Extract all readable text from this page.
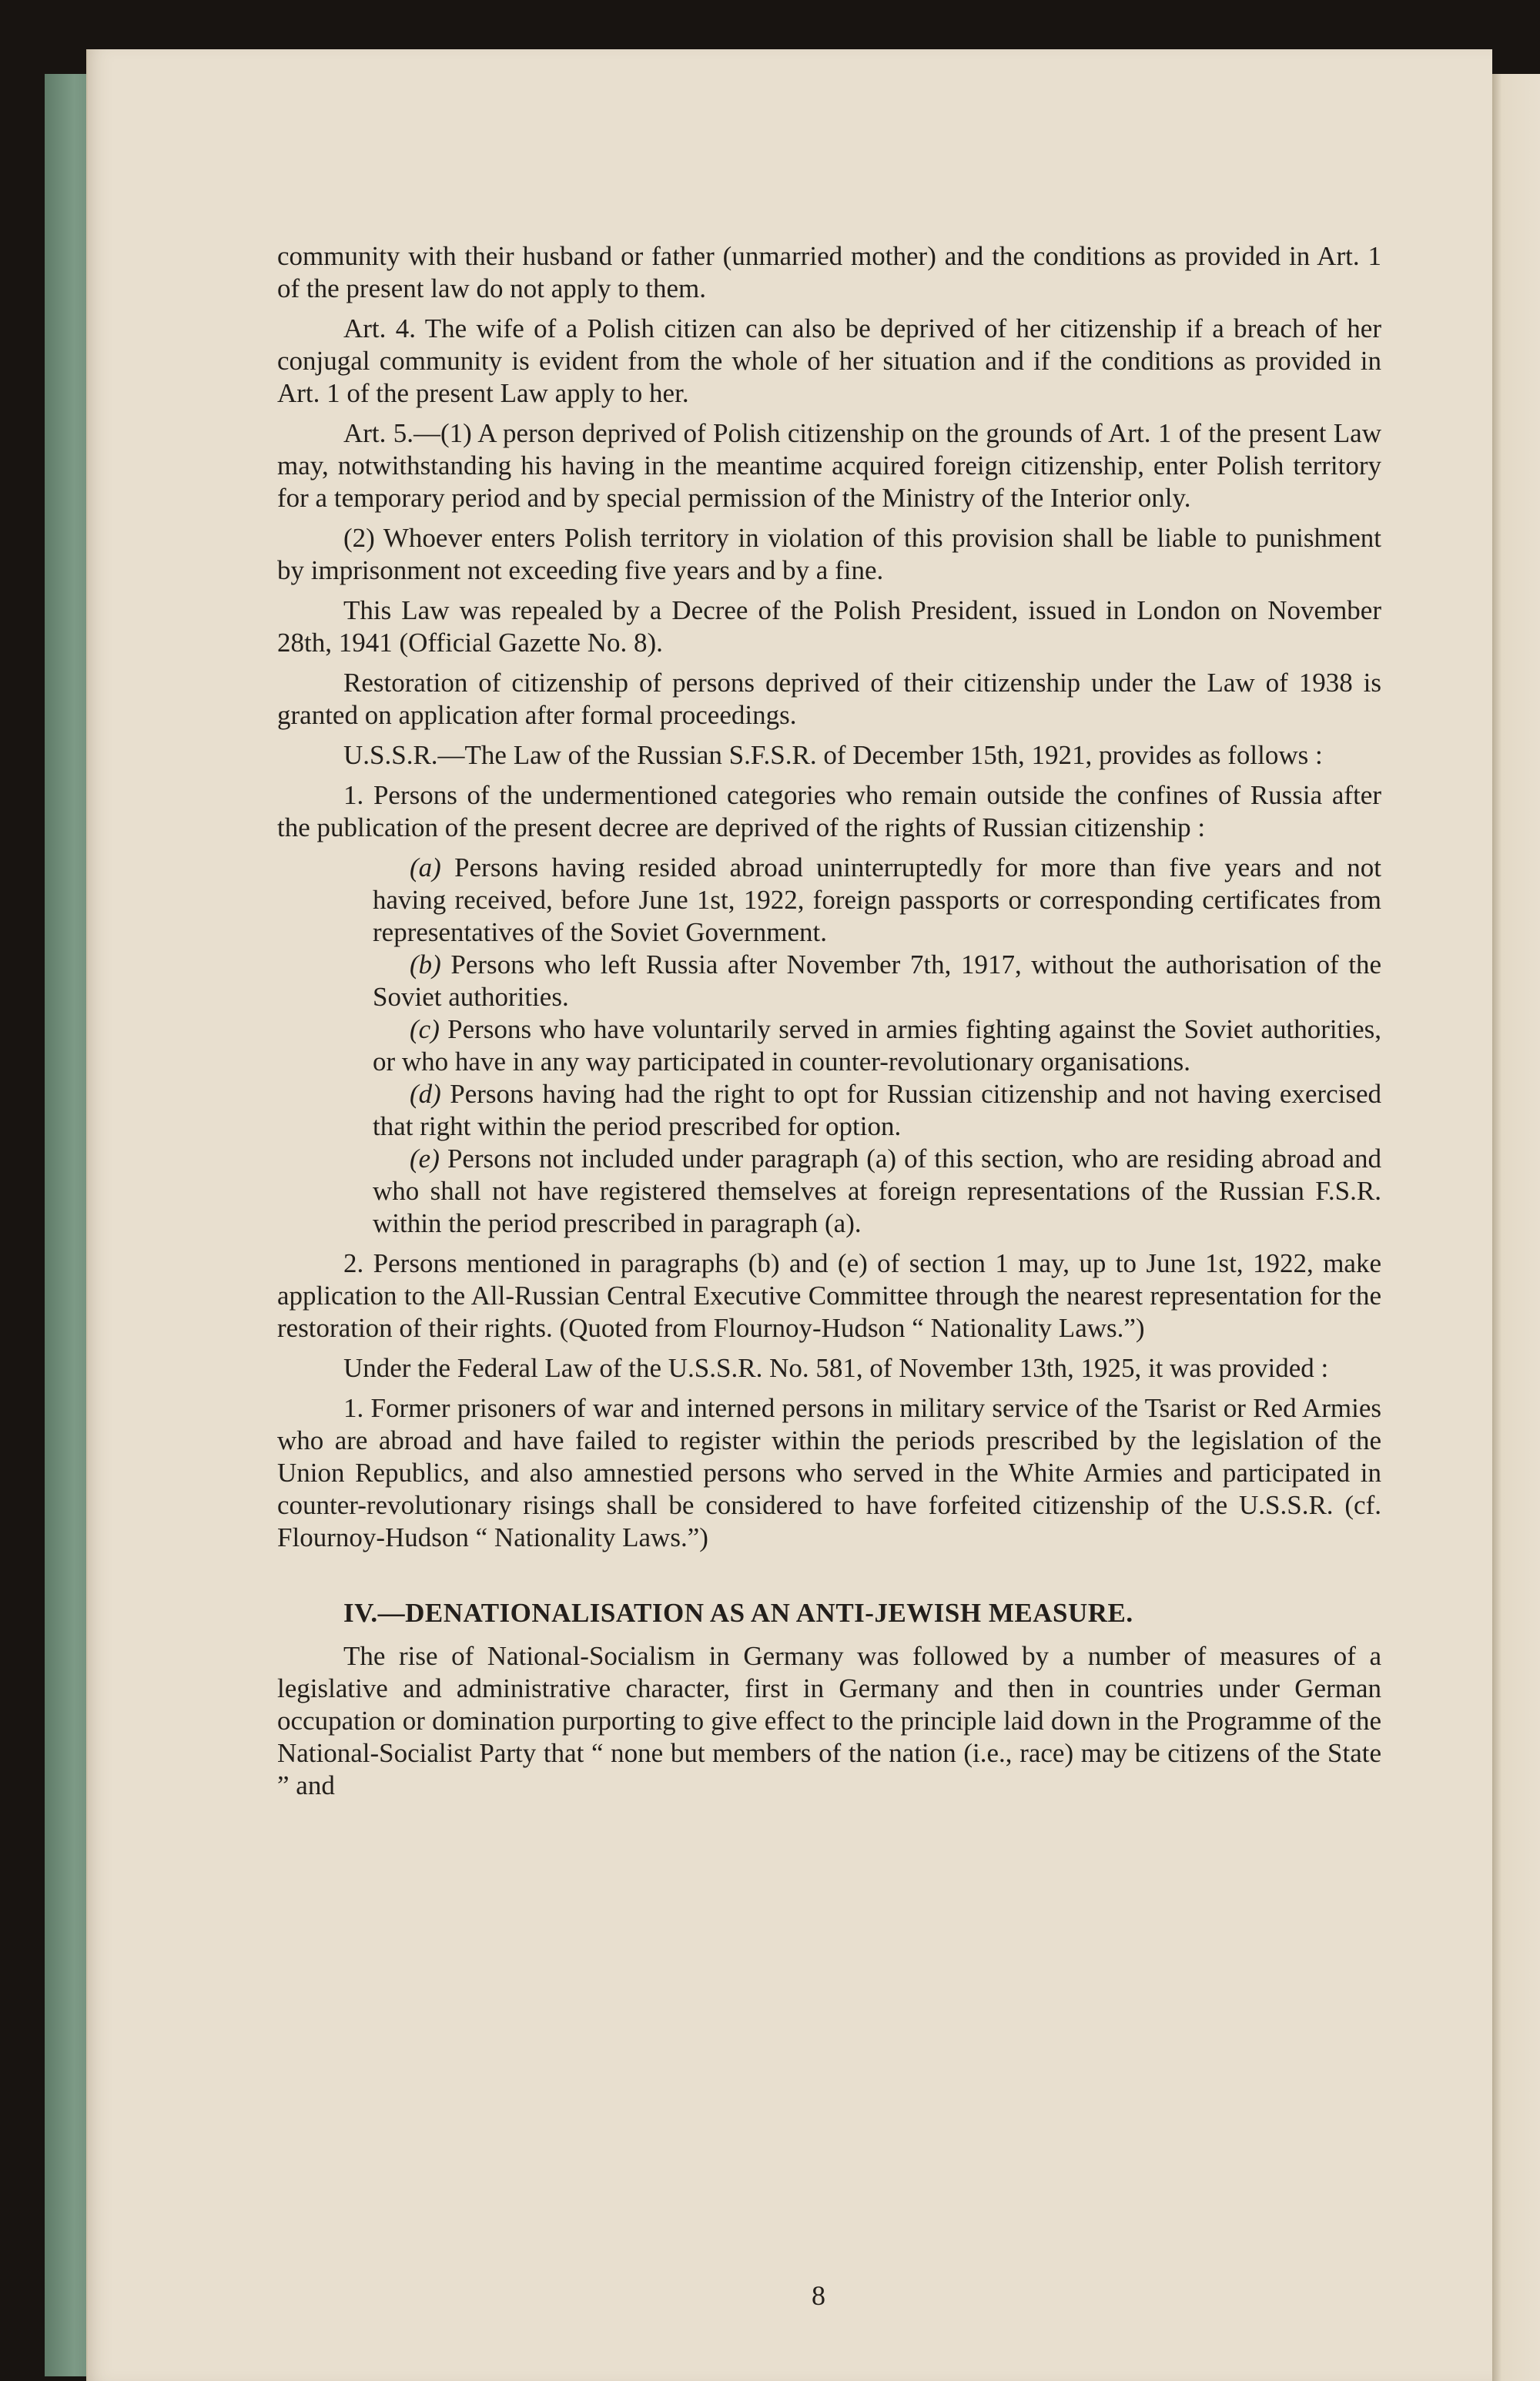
community with their husband or father (unmarried mother) and the conditions as provided in Art. 1 of the present law do not apply to them.

Art. 4. The wife of a Polish citizen can also be deprived of her citizenship if a breach of her conjugal community is evident from the whole of her situation and if the conditions as provided in Art. 1 of the present Law apply to her.

Art. 5.—(1) A person deprived of Polish citizenship on the grounds of Art. 1 of the present Law may, notwithstanding his having in the meantime acquired foreign citizenship, enter Polish territory for a temporary period and by special permission of the Ministry of the Interior only.

(2) Whoever enters Polish territory in violation of this provision shall be liable to punishment by imprisonment not exceeding five years and by a fine.

This Law was repealed by a Decree of the Polish President, issued in London on November 28th, 1941 (Official Gazette No. 8).

Restoration of citizenship of persons deprived of their citizenship under the Law of 1938 is granted on application after formal proceedings.

U.S.S.R.—The Law of the Russian S.F.S.R. of December 15th, 1921, provides as follows :

1. Persons of the undermentioned categories who remain outside the confines of Russia after the publication of the present decree are deprived of the rights of Russian citizenship :

(a) Persons having resided abroad uninterruptedly for more than five years and not having received, before June 1st, 1922, foreign passports or corresponding certificates from representatives of the Soviet Government.

(b) Persons who left Russia after November 7th, 1917, without the authorisation of the Soviet authorities.

(c) Persons who have voluntarily served in armies fighting against the Soviet authorities, or who have in any way participated in counter-revolutionary organisations.

(d) Persons having had the right to opt for Russian citizenship and not having exercised that right within the period prescribed for option.

(e) Persons not included under paragraph (a) of this section, who are residing abroad and who shall not have registered themselves at foreign representations of the Russian F.S.R. within the period prescribed in paragraph (a).

2. Persons mentioned in paragraphs (b) and (e) of section 1 may, up to June 1st, 1922, make application to the All-Russian Central Executive Committee through the nearest representation for the restoration of their rights. (Quoted from Flournoy-Hudson “ Nationality Laws.”)

Under the Federal Law of the U.S.S.R. No. 581, of November 13th, 1925, it was provided :

1. Former prisoners of war and interned persons in military service of the Tsarist or Red Armies who are abroad and have failed to register within the periods prescribed by the legislation of the Union Republics, and also amnestied persons who served in the White Armies and participated in counter-revolutionary risings shall be considered to have forfeited citizenship of the U.S.S.R. (cf. Flournoy-Hudson “ Nationality Laws.”)

IV.—DENATIONALISATION AS AN ANTI-JEWISH MEASURE.

The rise of National-Socialism in Germany was followed by a number of measures of a legislative and administrative character, first in Germany and then in countries under German occupation or domination purporting to give effect to the principle laid down in the Programme of the National-Socialist Party that “ none but members of the nation (i.e., race) may be citizens of the State ” and

8
